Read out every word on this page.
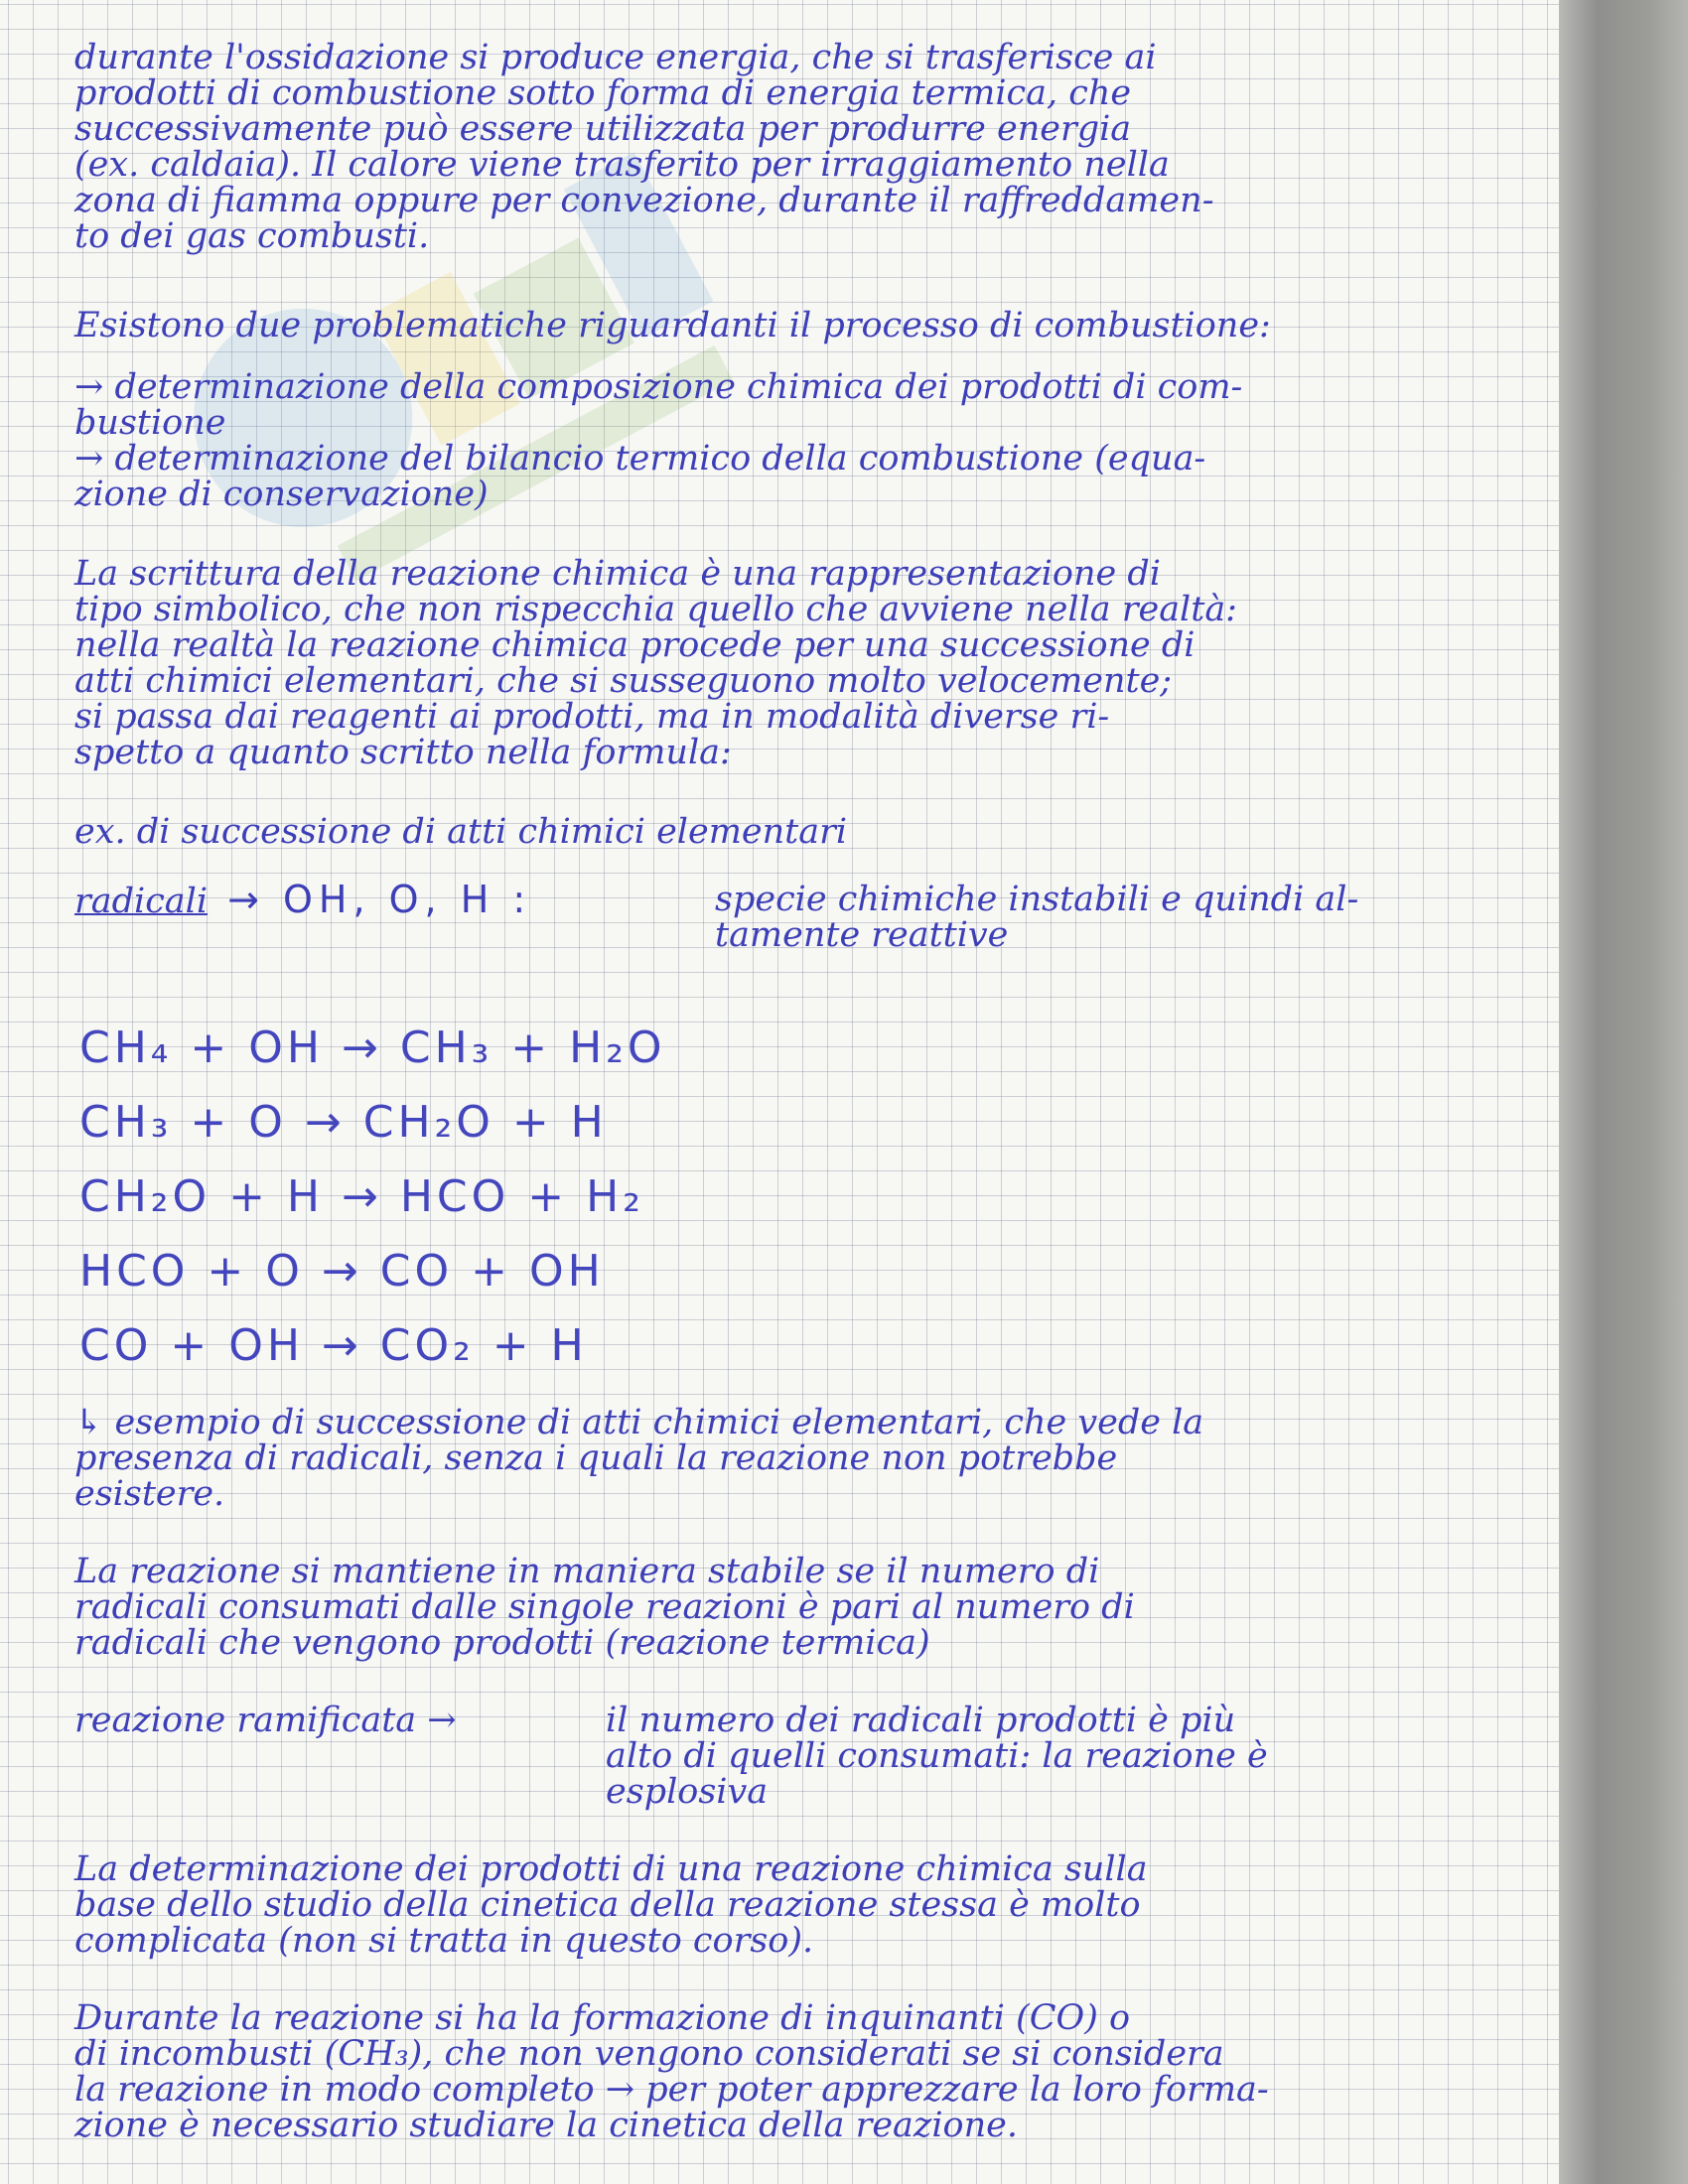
durante l'ossidazione si produce energia, che si trasferisce ai
prodotti di combustione sotto forma di energia termica, che
successivamente può essere utilizzata per produrre energia
(ex. caldaia). Il calore viene trasferito per irraggiamento nella
zona di fiamma oppure per convezione, durante il raffreddamen-
to dei gas combusti.
Esistono due problematiche riguardanti il processo di combustione:
→ determinazione della composizione chimica dei prodotti di com-
bustione
→ determinazione del bilancio termico della combustione (equa-
zione di conservazione)
La scrittura della reazione chimica è una rappresentazione di
tipo simbolico, che non rispecchia quello che avviene nella realtà:
nella realtà la reazione chimica procede per una successione di
atti chimici elementari, che si susseguono molto velocemente;
si passa dai reagenti ai prodotti, ma in modalità diverse ri-
spetto a quanto scritto nella formula:
ex. di successione di atti chimici elementari
radicali → OH, O, H :	specie chimiche instabili e quindi al-
tamente reattive
CH₄ + OH → CH₃ + H₂O
CH₃ + O → CH₂O + H
CH₂O + H → HCO + H₂
HCO + O → CO + OH
CO + OH → CO₂ + H
↳ esempio di successione di atti chimici elementari, che vede la
presenza di radicali, senza i quali la reazione non potrebbe
esistere.
La reazione si mantiene in maniera stabile se il numero di
radicali consumati dalle singole reazioni è pari al numero di
radicali che vengono prodotti (reazione termica)
reazione ramificata →	il numero dei radicali prodotti è più
alto di quelli consumati: la reazione è
esplosiva
La determinazione dei prodotti di una reazione chimica sulla
base dello studio della cinetica della reazione stessa è molto
complicata (non si tratta in questo corso).
Durante la reazione si ha la formazione di inquinanti (CO) o
di incombusti (CH₃), che non vengono considerati se si considera
la reazione in modo completo → per poter apprezzare la loro forma-
zione è necessario studiare la cinetica della reazione.
